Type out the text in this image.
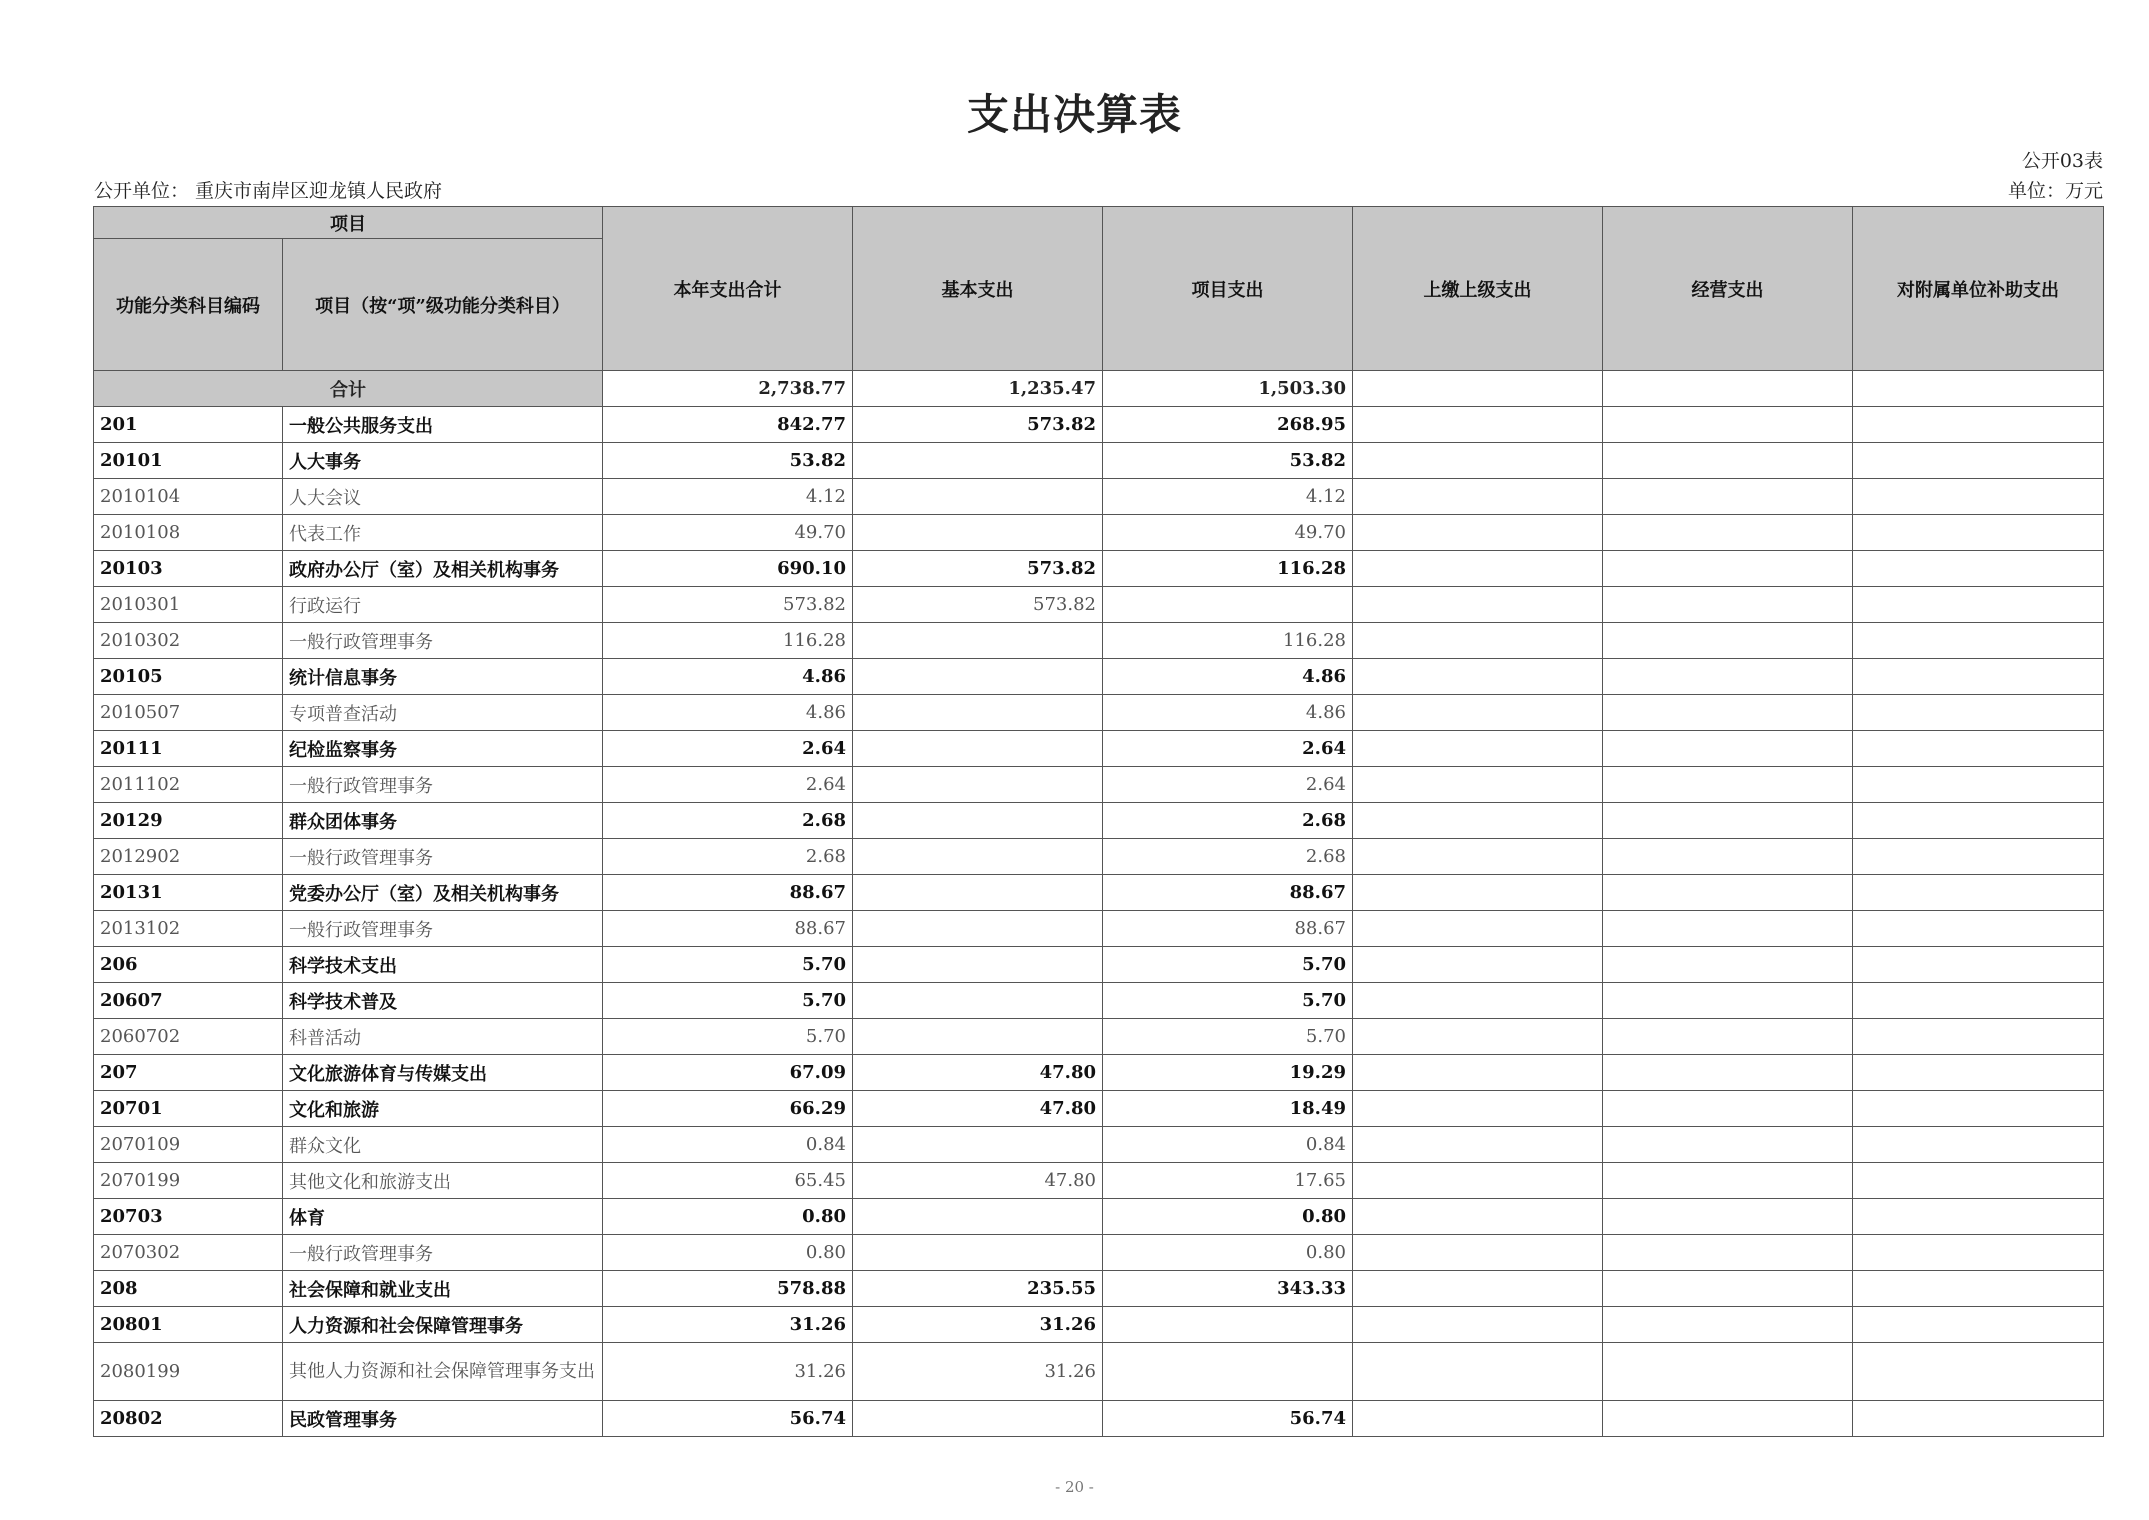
支出决算表
公开03表
公开单位： 重庆市南岸区迎龙镇人民政府	单位：万元
项目		本年支出合计	基本支出	项目支出	上缴上级支出	经营支出	对附属单位补助支出
功能分类科目编码	项目（按“项”级功能分类科目）						
合计		2,738.77	1,235.47	1,503.30			
201	一般公共服务支出	842.77	573.82	268.95			
20101	人大事务	53.82		53.82			
2010104	人大会议	4.12		4.12			
2010108	代表工作	49.70		49.70			
20103	政府办公厅（室）及相关机构事务	690.10	573.82	116.28			
2010301	行政运行	573.82	573.82				
2010302	一般行政管理事务	116.28		116.28			
20105	统计信息事务	4.86		4.86			
2010507	专项普查活动	4.86		4.86			
20111	纪检监察事务	2.64		2.64			
2011102	一般行政管理事务	2.64		2.64			
20129	群众团体事务	2.68		2.68			
2012902	一般行政管理事务	2.68		2.68			
20131	党委办公厅（室）及相关机构事务	88.67		88.67			
2013102	一般行政管理事务	88.67		88.67			
206	科学技术支出	5.70		5.70			
20607	科学技术普及	5.70		5.70			
2060702	科普活动	5.70		5.70			
207	文化旅游体育与传媒支出	67.09	47.80	19.29			
20701	文化和旅游	66.29	47.80	18.49			
2070109	群众文化	0.84		0.84			
2070199	其他文化和旅游支出	65.45	47.80	17.65			
20703	体育	0.80		0.80			
2070302	一般行政管理事务	0.80		0.80			
208	社会保障和就业支出	578.88	235.55	343.33			
20801	人力资源和社会保障管理事务	31.26	31.26				
2080199	其他人力资源和社会保障管理事务支出	31.26	31.26				
20802	民政管理事务	56.74		56.74			
- 20 -
